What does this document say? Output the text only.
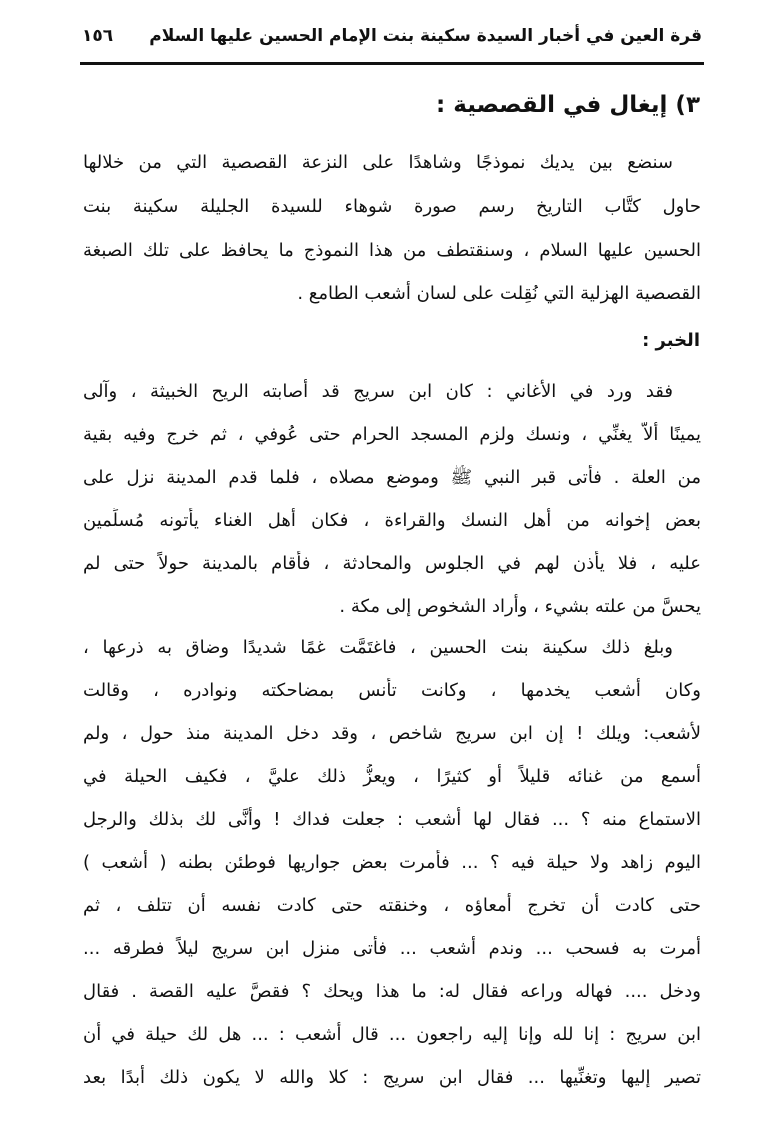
قرة العين في أخبار السيدة سكينة بنت الإمام الحسين عليها السلام
١٥٦
٣) إيغال في القصصية :
سنضع بين يديك نموذجًا وشاهدًا على النزعة القصصية التي من خلالها
حاول كتَّاب التاريخ رسم صورة شوهاء للسيدة الجليلة سكينة بنت
الحسين عليها السلام ، وسنقتطف من هذا النموذج ما يحافظ على تلك الصبغة
القصصية الهزلية التي نُقِلت على لسان أشعب الطامع .
الخبر :
فقد ورد في الأغاني : كان ابن سريج قد أصابته الريح الخبيثة ، وآلى
يمينًا ألاّ يغنِّي ، ونسك ولزم المسجد الحرام حتى عُوفي ، ثم خرج وفيه بقية
من العلة . فأتى قبر النبي ﷺ وموضع مصلاه ، فلما قدم المدينة نزل على
بعض إخوانه من أهل النسك والقراءة ، فكان أهل الغناء يأتونه مُسلِّمين
عليه ، فلا يأذن لهم في الجلوس والمحادثة ، فأقام بالمدينة حولاً حتى لم
يحسَّ من علته بشيء ، وأراد الشخوص إلى مكة .
وبلغ ذلك سكينة بنت الحسين ، فاغتَمَّت غمًا شديدًا وضاق به ذرعها ،
وكان أشعب يخدمها ، وكانت تأنس بمضاحكته ونوادره ، وقالت
لأشعب: ويلك ! إن ابن سريج شاخص ، وقد دخل المدينة منذ حول ، ولم
أسمع من غنائه قليلاً أو كثيرًا ، ويعزُّ ذلك عليَّ ، فكيف الحيلة في
الاستماع منه ؟ ... فقال لها أشعب : جعلت فداك ! وأنَّى لك بذلك والرجل
اليوم زاهد ولا حيلة فيه ؟ ... فأمرت بعض جواريها فوطئن بطنه ( أشعب )
حتى كادت أن تخرج أمعاؤه ، وخنقته حتى كادت نفسه أن تتلف ، ثم
أمرت به فسحب ... وندم أشعب ... فأتى منزل ابن سريج ليلاً فطرقه ...
ودخل .... فهاله وراعه فقال له: ما هذا ويحك ؟ فقصَّ عليه القصة . فقال
ابن سريج : إنا لله وإنا إليه راجعون ... قال أشعب : ... هل لك حيلة في أن
تصير إليها وتغنِّيها ... فقال ابن سريج : كلا والله لا يكون ذلك أبدًا بعد
